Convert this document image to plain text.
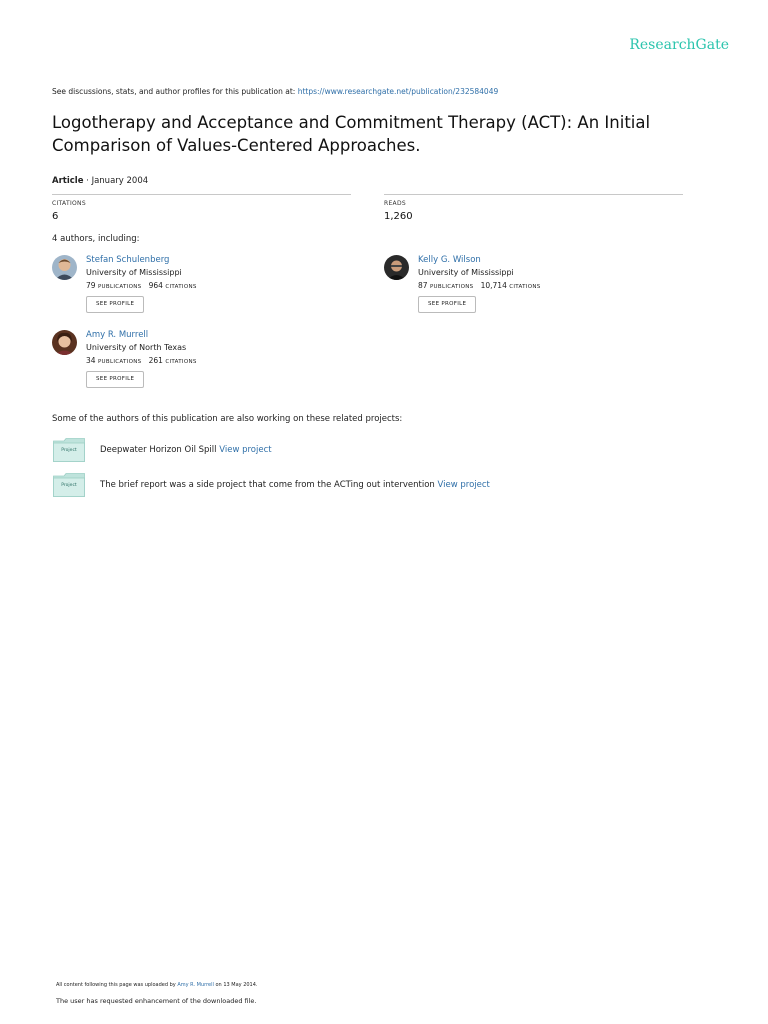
ResearchGate
See discussions, stats, and author profiles for this publication at: https://www.researchgate.net/publication/232584049
Logotherapy and Acceptance and Commitment Therapy (ACT): An Initial Comparison of Values-Centered Approaches.
Article · January 2004
CITATIONS
6
READS
1,260
4 authors, including:
Stefan Schulenberg
University of Mississippi
79 PUBLICATIONS 964 CITATIONS
SEE PROFILE
Kelly G. Wilson
University of Mississippi
87 PUBLICATIONS 10,714 CITATIONS
SEE PROFILE
Amy R. Murrell
University of North Texas
34 PUBLICATIONS 261 CITATIONS
SEE PROFILE
Some of the authors of this publication are also working on these related projects:
Project	Deepwater Horizon Oil Spill View project
Project	The brief report was a side project that come from the ACTing out intervention View project
All content following this page was uploaded by Amy R. Murrell on 13 May 2014.
The user has requested enhancement of the downloaded file.
